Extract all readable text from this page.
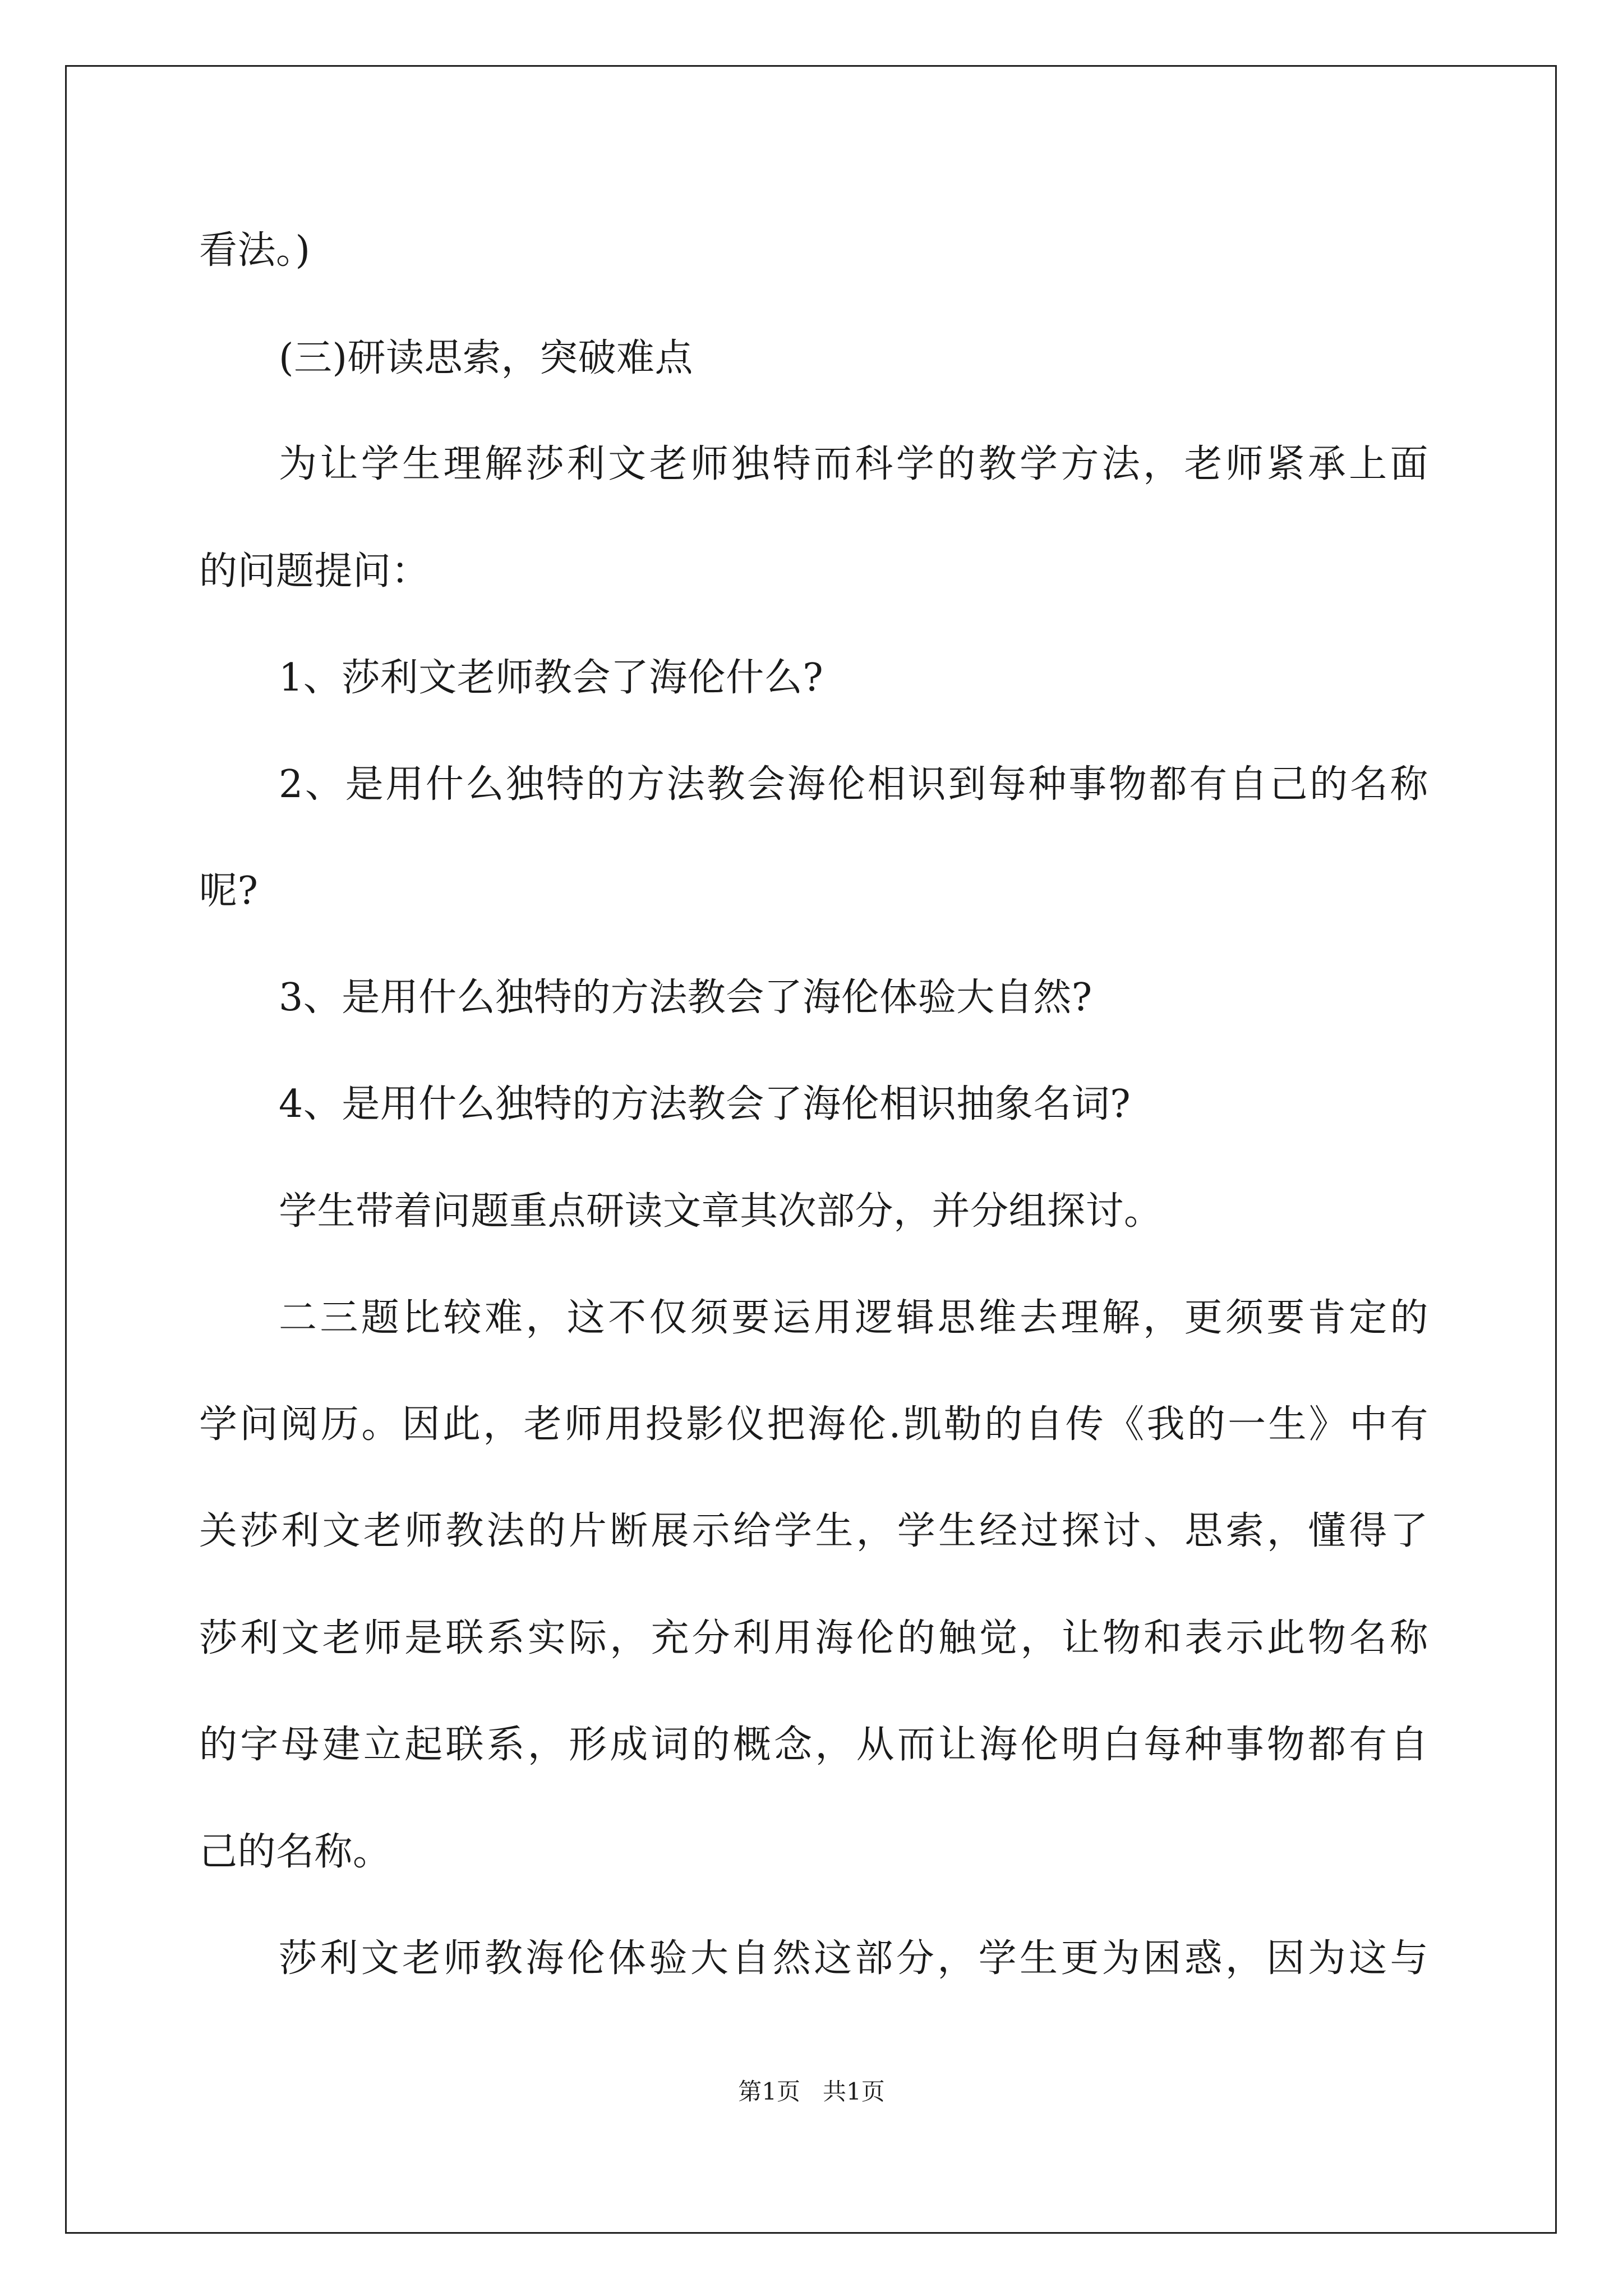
看法。)
(三)研读思索，突破难点
为让学生理解莎利文老师独特而科学的教学方法，老师紧承上面
的问题提问：
1、莎利文老师教会了海伦什么?
2、是用什么独特的方法教会海伦相识到每种事物都有自己的名称
呢?
3、是用什么独特的方法教会了海伦体验大自然?
4、是用什么独特的方法教会了海伦相识抽象名词?
学生带着问题重点研读文章其次部分，并分组探讨。
二三题比较难，这不仅须要运用逻辑思维去理解，更须要肯定的
学问阅历。因此，老师用投影仪把海伦.凯勒的自传《我的一生》中有
关莎利文老师教法的片断展示给学生，学生经过探讨、思索，懂得了
莎利文老师是联系实际，充分利用海伦的触觉，让物和表示此物名称
的字母建立起联系，形成词的概念，从而让海伦明白每种事物都有自
己的名称。
莎利文老师教海伦体验大自然这部分，学生更为困惑，因为这与
第1页   共1页
